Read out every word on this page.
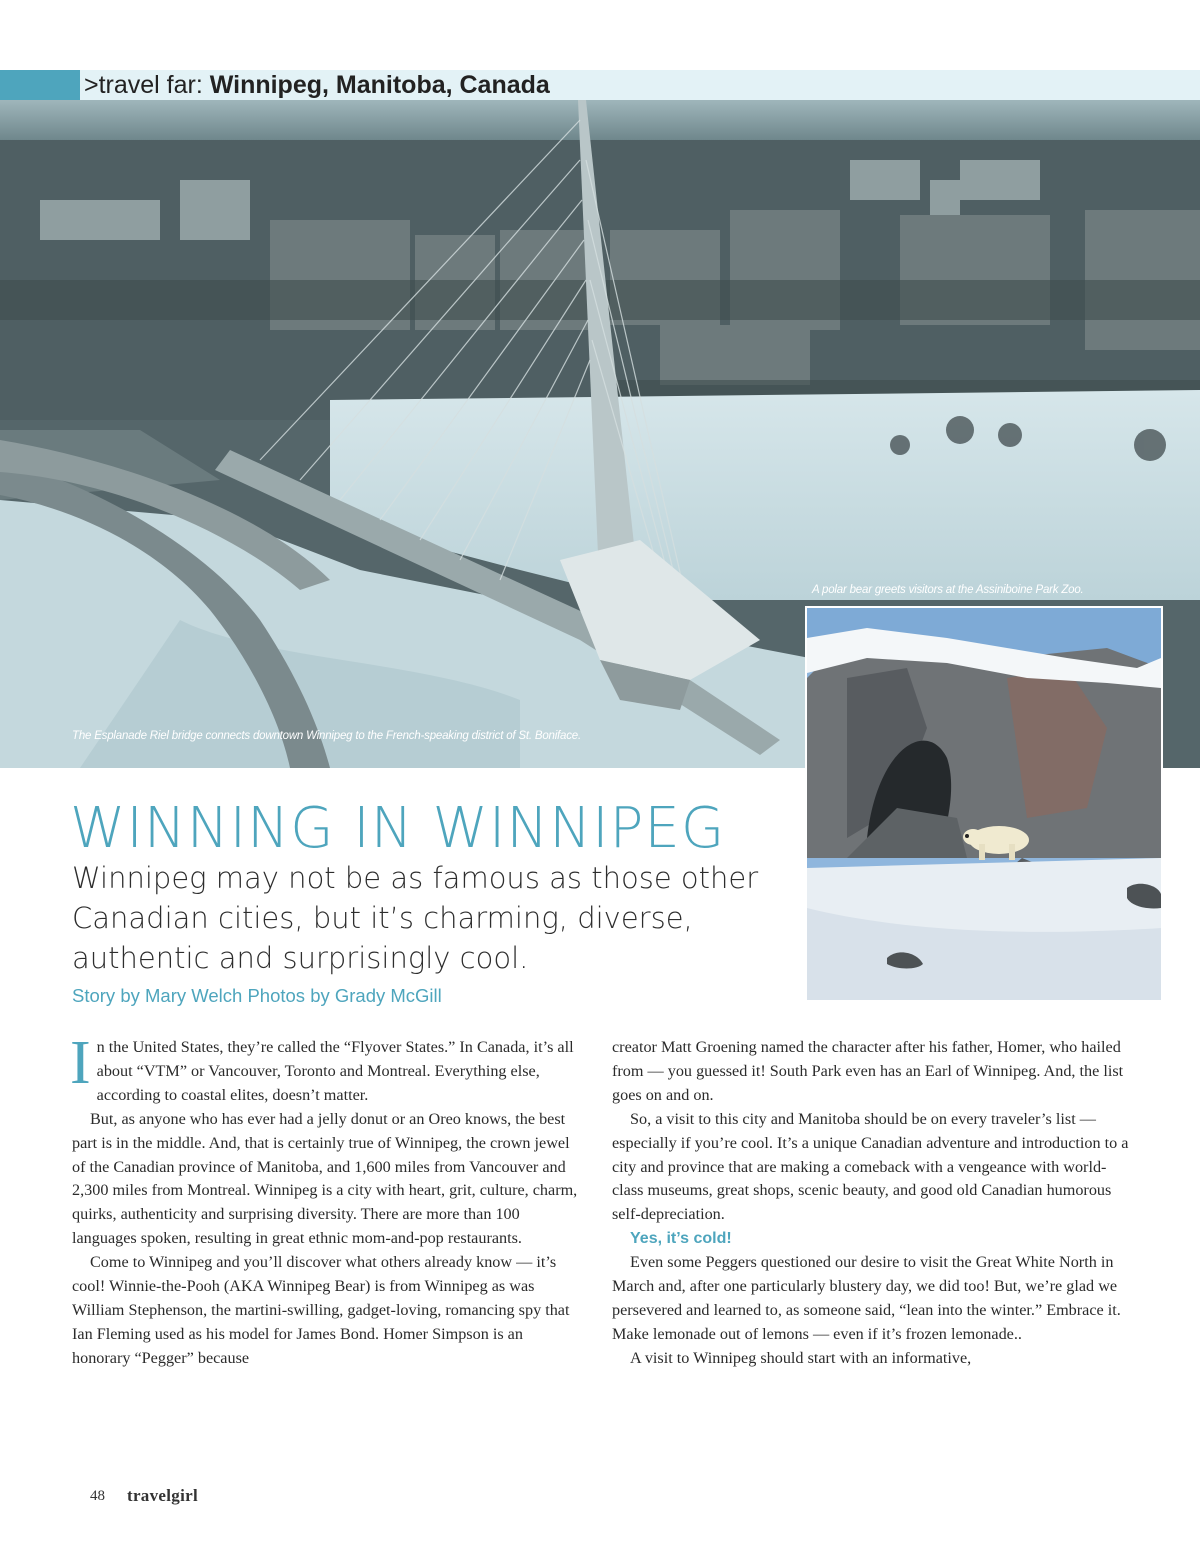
>travel far: Winnipeg, Manitoba, Canada
The Esplanade Riel bridge connects downtown Winnipeg to the French-speaking district of St. Boniface.
A polar bear greets visitors at the Assiniboine Park Zoo.
WINNING IN WINNIPEG
Winnipeg may not be as famous as those other Canadian cities, but it’s charming, diverse, authentic and surprisingly cool.
Story by Mary Welch Photos by Grady McGill

In the United States, they’re called the “Flyover States.” In Canada, it’s all about “VTM” or Vancouver, Toronto and Montreal. Everything else, according to coastal elites, doesn’t matter.

But, as anyone who has ever had a jelly donut or an Oreo knows, the best part is in the middle. And, that is certainly true of Winnipeg, the crown jewel of the Canadian province of Manitoba, and 1,600 miles from Vancouver and 2,300 miles from Montreal. Winnipeg is a city with heart, grit, culture, charm, quirks, authenticity and surprising diversity. There are more than 100 languages spoken, resulting in great ethnic mom-and-pop restaurants.

Come to Winnipeg and you’ll discover what others already know — it’s cool! Winnie-the-Pooh (AKA Winnipeg Bear) is from Winnipeg as was William Stephenson, the martini-swilling, gadget-loving, romancing spy that Ian Fleming used as his model for James Bond. Homer Simpson is an honorary “Pegger” because

creator Matt Groening named the character after his father, Homer, who hailed from — you guessed it! South Park even has an Earl of Winnipeg. And, the list goes on and on.

So, a visit to this city and Manitoba should be on every traveler’s list — especially if you’re cool. It’s a unique Canadian adventure and introduction to a city and province that are making a comeback with a vengeance with world-class museums, great shops, scenic beauty, and good old Canadian humorous self-depreciation.

Yes, it’s cold!

Even some Peggers questioned our desire to visit the Great White North in March and, after one particularly blustery day, we did too! But, we’re glad we persevered and learned to, as someone said, “lean into the winter.” Embrace it. Make lemonade out of lemons — even if it’s frozen lemonade..

A visit to Winnipeg should start with an informative,

48 travelgirl
